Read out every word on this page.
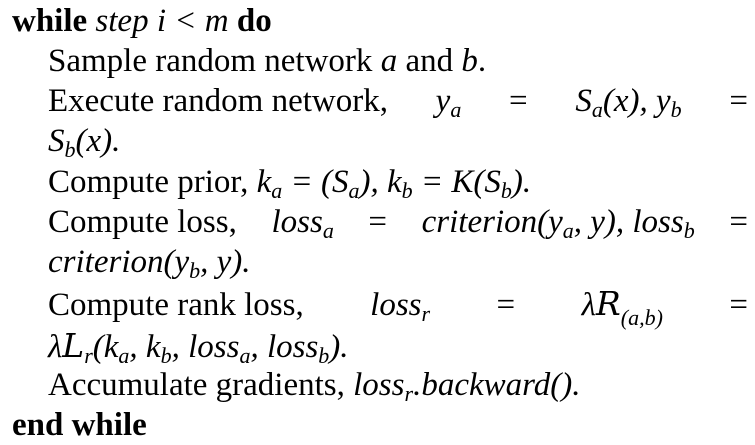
while step i < m do
Sample random network a and b.
Execute random network, $y_a = S_a(x)$, $y_b$ =
$S_b(x)$.
Compute prior, $k_a = (S_a)$, $k_b = K(S_b)$.
Compute loss, loss$_a$ = $criterion(y_a$, y), loss$_b$ =
$criterion(y_b$, y).
Compute rank loss, loss$_r$ = $\lambda R_{(a,b)}$ =
$\lambda L_r(k_a$, $k_b$, loss$_a$, loss$_b$).
Accumulate gradients, loss$_r$.backward().
end while
